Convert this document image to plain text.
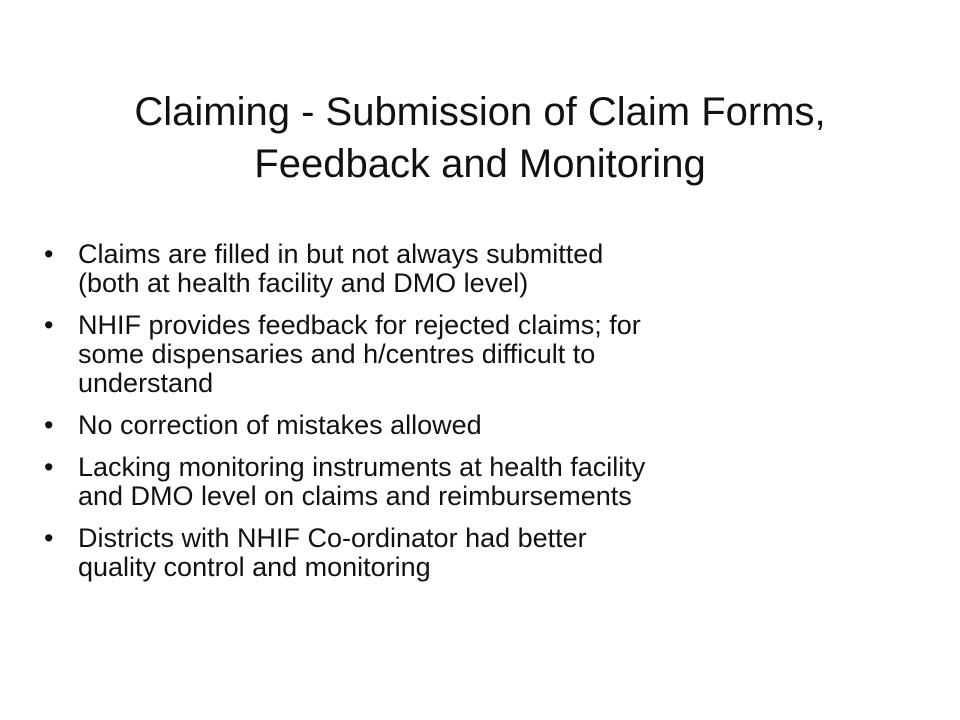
Claiming - Submission of Claim Forms,
Feedback and Monitoring
• Claims are filled in but not always submitted
(both at health facility and DMO level)
• NHIF provides feedback for rejected claims; for
some dispensaries and h/centres difficult to
understand
• No correction of mistakes allowed
• Lacking monitoring instruments at health facility
and DMO level on claims and reimbursements
• Districts with NHIF Co-ordinator had better
quality control and monitoring
